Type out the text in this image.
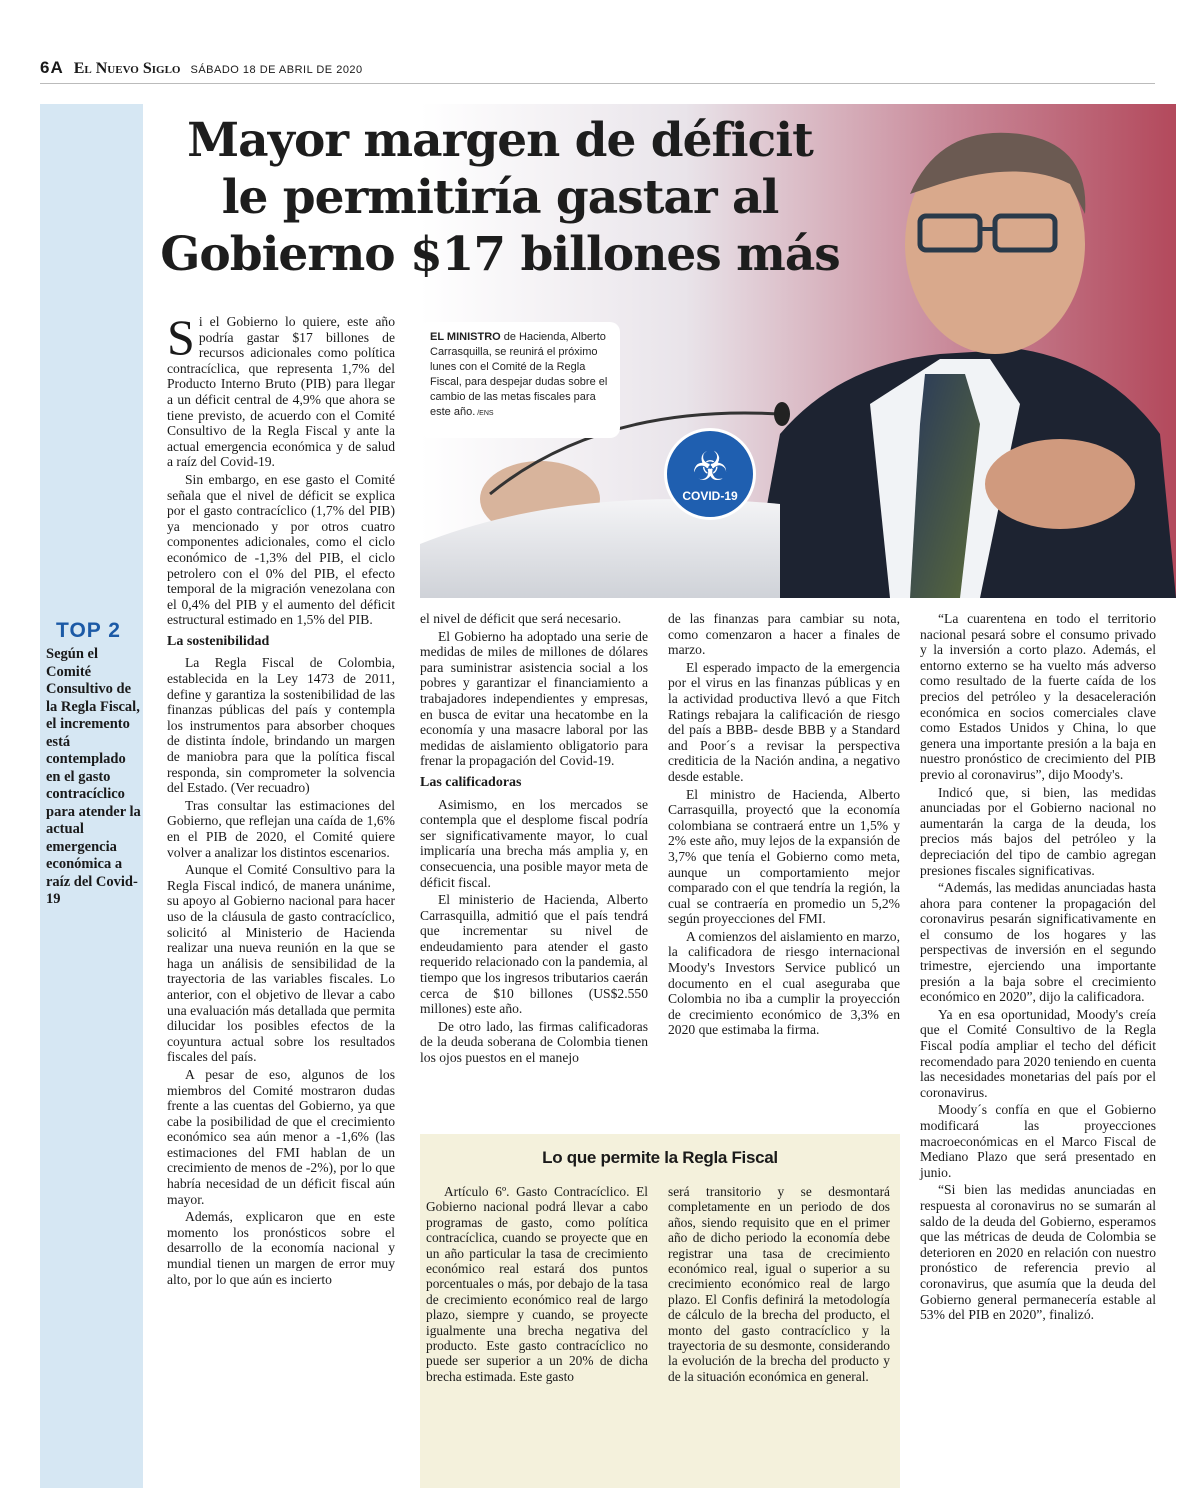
6A El Nuevo Siglo SÁBADO 18 DE ABRIL DE 2020
TOP 2
Según el Comité Consultivo de la Regla Fiscal, el incremento está contemplado en el gasto contracíclico para atender la actual emergencia económica a raíz del Covid-19
Mayor margen de déficit
le permitiría gastar al
Gobierno $17 billones más
EL MINISTRO de Hacienda, Alberto Carrasquilla, se reunirá el próximo lunes con el Comité de la Regla Fiscal, para despejar dudas sobre el cambio de las metas fiscales para este año. /ENS
☣
COVID-19

Si el Gobierno lo quiere, este año podría gastar $17 billones de recursos adicionales como política contracíclica, que representa 1,7% del Producto Interno Bruto (PIB) para llegar a un déficit central de 4,9% que ahora se tiene previsto, de acuerdo con el Comité Consultivo de la Regla Fiscal y ante la actual emergencia económica y de salud a raíz del Covid-19.

Sin embargo, en ese gasto el Comité señala que el nivel de déficit se explica por el gasto contracíclico (1,7% del PIB) ya mencionado y por otros cuatro componentes adicionales, como el ciclo económico de -1,3% del PIB, el ciclo petrolero con el 0% del PIB, el efecto temporal de la migración venezolana con el 0,4% del PIB y el aumento del déficit estructural estimado en 1,5% del PIB.

La sostenibilidad

La Regla Fiscal de Colombia, establecida en la Ley 1473 de 2011, define y garantiza la sostenibilidad de las finanzas públicas del país y contempla los instrumentos para absorber choques de distinta índole, brindando un margen de maniobra para que la política fiscal responda, sin comprometer la solvencia del Estado. (Ver recuadro)

Tras consultar las estimaciones del Gobierno, que reflejan una caída de 1,6% en el PIB de 2020, el Comité quiere volver a analizar los distintos escenarios.

Aunque el Comité Consultivo para la Regla Fiscal indicó, de manera unánime, su apoyo al Gobierno nacional para hacer uso de la cláusula de gasto contracíclico, solicitó al Ministerio de Hacienda realizar una nueva reunión en la que se haga un análisis de sensibilidad de la trayectoria de las variables fiscales. Lo anterior, con el objetivo de llevar a cabo una evaluación más detallada que permita dilucidar los posibles efectos de la coyuntura actual sobre los resultados fiscales del país.

A pesar de eso, algunos de los miembros del Comité mostraron dudas frente a las cuentas del Gobierno, ya que cabe la posibilidad de que el crecimiento económico sea aún menor a -1,6% (las estimaciones del FMI hablan de un crecimiento de menos de -2%), por lo que habría necesidad de un déficit fiscal aún mayor.

Además, explicaron que en este momento los pronósticos sobre el desarrollo de la economía nacional y mundial tienen un margen de error muy alto, por lo que aún es incierto

el nivel de déficit que será necesario.

El Gobierno ha adoptado una serie de medidas de miles de millones de dólares para suministrar asistencia social a los pobres y garantizar el financiamiento a trabajadores independientes y empresas, en busca de evitar una hecatombe en la economía y una masacre laboral por las medidas de aislamiento obligatorio para frenar la propagación del Covid-19.

Las calificadoras

Asimismo, en los mercados se contempla que el desplome fiscal podría ser significativamente mayor, lo cual implicaría una brecha más amplia y, en consecuencia, una posible mayor meta de déficit fiscal.

El ministerio de Hacienda, Alberto Carrasquilla, admitió que el país tendrá que incrementar su nivel de endeudamiento para atender el gasto requerido relacionado con la pandemia, al tiempo que los ingresos tributarios caerán cerca de $10 billones (US$2.550 millones) este año.

De otro lado, las firmas calificadoras de la deuda soberana de Colombia tienen los ojos puestos en el manejo

de las finanzas para cambiar su nota, como comenzaron a hacer a finales de marzo.

El esperado impacto de la emergencia por el virus en las finanzas públicas y en la actividad productiva llevó a que Fitch Ratings rebajara la calificación de riesgo del país a BBB- desde BBB y a Standard and Poor´s a revisar la perspectiva crediticia de la Nación andina, a negativo desde estable.

El ministro de Hacienda, Alberto Carrasquilla, proyectó que la economía colombiana se contraerá entre un 1,5% y 2% este año, muy lejos de la expansión de 3,7% que tenía el Gobierno como meta, aunque un comportamiento mejor comparado con el que tendría la región, la cual se contraería en promedio un 5,2% según proyecciones del FMI.

A comienzos del aislamiento en marzo, la calificadora de riesgo internacional Moody's Investors Service publicó un documento en el cual aseguraba que Colombia no iba a cumplir la proyección de crecimiento económico de 3,3% en 2020 que estimaba la firma.

“La cuarentena en todo el territorio nacional pesará sobre el consumo privado y la inversión a corto plazo. Además, el entorno externo se ha vuelto más adverso como resultado de la fuerte caída de los precios del petróleo y la desaceleración económica en socios comerciales clave como Estados Unidos y China, lo que genera una importante presión a la baja en nuestro pronóstico de crecimiento del PIB previo al coronavirus”, dijo Moody's.

Indicó que, si bien, las medidas anunciadas por el Gobierno nacional no aumentarán la carga de la deuda, los precios más bajos del petróleo y la depreciación del tipo de cambio agregan presiones fiscales significativas.

“Además, las medidas anunciadas hasta ahora para contener la propagación del coronavirus pesarán significativamente en el consumo de los hogares y las perspectivas de inversión en el segundo trimestre, ejerciendo una importante presión a la baja sobre el crecimiento económico en 2020”, dijo la calificadora.

Ya en esa oportunidad, Moody's creía que el Comité Consultivo de la Regla Fiscal podía ampliar el techo del déficit recomendado para 2020 teniendo en cuenta las necesidades monetarias del país por el coronavirus.

Moody´s confía en que el Gobierno modificará las proyecciones macroeconómicas en el Marco Fiscal de Mediano Plazo que será presentado en junio.

“Si bien las medidas anunciadas en respuesta al coronavirus no se sumarán al saldo de la deuda del Gobierno, esperamos que las métricas de deuda de Colombia se deterioren en 2020 en relación con nuestro pronóstico de referencia previo al coronavirus, que asumía que la deuda del Gobierno general permanecería estable al 53% del PIB en 2020”, finalizó.

Lo que permite la Regla Fiscal

Artículo 6º. Gasto Contracíclico. El Gobierno nacional podrá llevar a cabo programas de gasto, como política contracíclica, cuando se proyecte que en un año particular la tasa de crecimiento económico real estará dos puntos porcentuales o más, por debajo de la tasa de crecimiento económico real de largo plazo, siempre y cuando, se proyecte igualmente una brecha negativa del producto. Este gasto contracíclico no puede ser superior a un 20% de dicha brecha estimada. Este gasto

será transitorio y se desmontará completamente en un periodo de dos años, siendo requisito que en el primer año de dicho periodo la economía debe registrar una tasa de crecimiento económico real, igual o superior a su crecimiento económico real de largo plazo. El Confis definirá la metodología de cálculo de la brecha del producto, el monto del gasto contracíclico y la trayectoria de su desmonte, considerando la evolución de la brecha del producto y de la situación económica en general.
